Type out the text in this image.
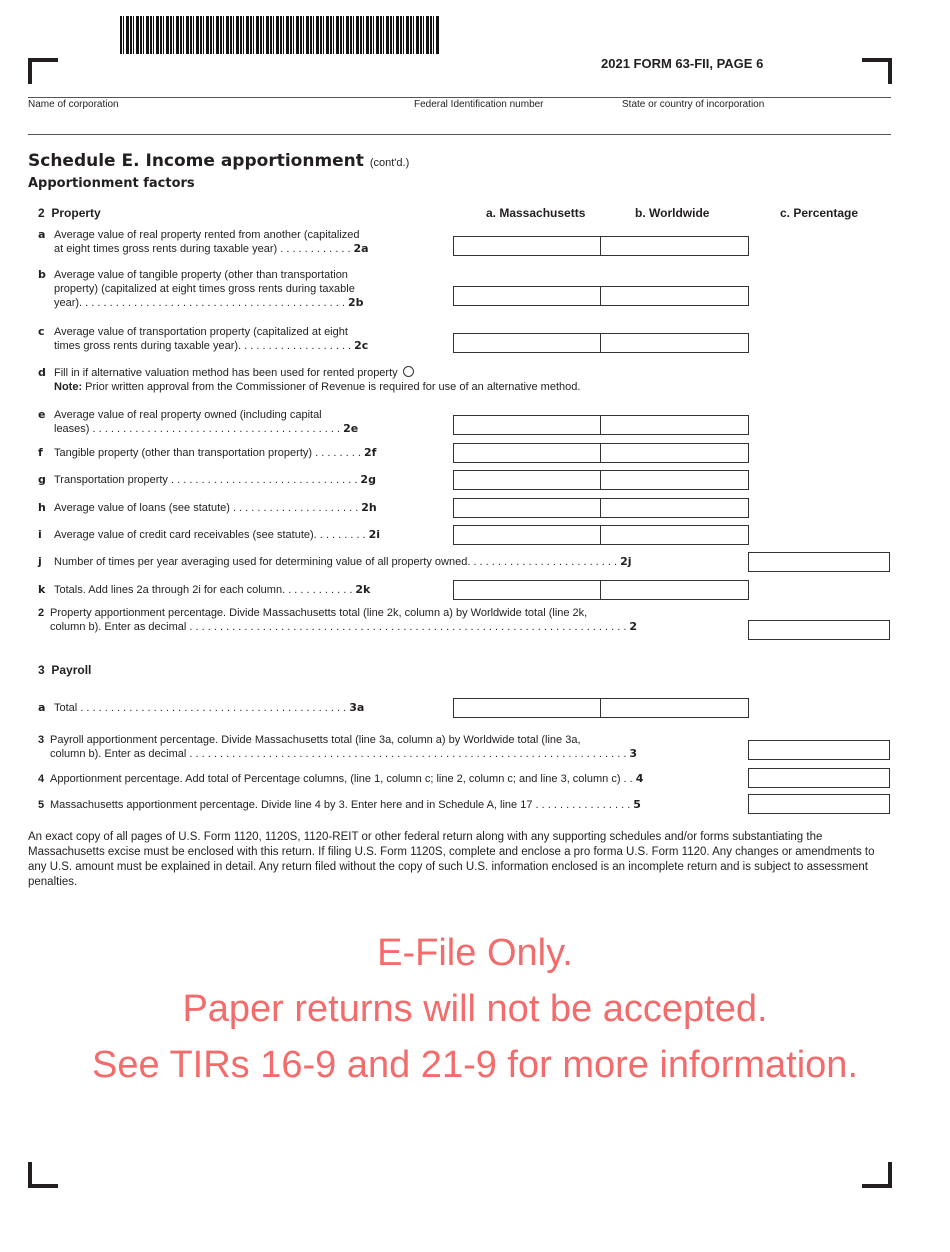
2021 FORM 63-FII, PAGE 6
Name of corporation	Federal Identification number	State or country of incorporation
Schedule E. Income apportionment (cont'd.)
Apportionment factors
2 Property	a. Massachusetts	b. Worldwide	c. Percentage
3 Payroll
a Average value of real property rented from another (capitalized
at eight times gross rents during taxable year) . . . . . . . . . . . . 2a
b Average value of tangible property (other than transportation
property) (capitalized at eight times gross rents during taxable
year). . . . . . . . . . . . . . . . . . . . . . . . . . . . . . . . . . . . . . . . . . . . 2b
c Average value of transportation property (capitalized at eight
times gross rents during taxable year). . . . . . . . . . . . . . . . . . . 2c
d Fill in if alternative valuation method has been used for rented property
Note: Prior written approval from the Commissioner of Revenue is required for use of an alternative method.
e Average value of real property owned (including capital
leases) . . . . . . . . . . . . . . . . . . . . . . . . . . . . . . . . . . . . . . . . . 2e
f Tangible property (other than transportation property) . . . . . . . . 2f
g Transportation property . . . . . . . . . . . . . . . . . . . . . . . . . . . . . . . 2g
h Average value of loans (see statute) . . . . . . . . . . . . . . . . . . . . . 2h
i Average value of credit card receivables (see statute). . . . . . . . . 2i
j Number of times per year averaging used for determining value of all property owned. . . . . . . . . . . . . . . . . . . . . . . . . 2j
k Totals. Add lines 2a through 2i for each column. . . . . . . . . . . . 2k
2 Property apportionment percentage. Divide Massachusetts total (line 2k, column a) by Worldwide total (line 2k,
column b). Enter as decimal . . . . . . . . . . . . . . . . . . . . . . . . . . . . . . . . . . . . . . . . . . . . . . . . . . . . . . . . . . . . . . . . . . . . . . . . 2
a Total . . . . . . . . . . . . . . . . . . . . . . . . . . . . . . . . . . . . . . . . . . . . 3a
3 Payroll apportionment percentage. Divide Massachusetts total (line 3a, column a) by Worldwide total (line 3a,
column b). Enter as decimal . . . . . . . . . . . . . . . . . . . . . . . . . . . . . . . . . . . . . . . . . . . . . . . . . . . . . . . . . . . . . . . . . . . . . . . . 3
4 Apportionment percentage. Add total of Percentage columns, (line 1, column c; line 2, column c; and line 3, column c) . . 4
5 Massachusetts apportionment percentage. Divide line 4 by 3. Enter here and in Schedule A, line 17 . . . . . . . . . . . . . . . . 5
An exact copy of all pages of U.S. Form 1120, 1120S, 1120-REIT or other federal return along with any supporting schedules and/or forms substantiating the Massachusetts excise must be enclosed with this return. If filing U.S. Form 1120S, complete and enclose a pro forma U.S. Form 1120. Any changes or amendments to any U.S. amount must be explained in detail. Any return filed without the copy of such U.S. information enclosed is an incomplete return and is subject to assessment penalties.
E-File Only.
Paper returns will not be accepted.
See TIRs 16-9 and 21-9 for more information.
